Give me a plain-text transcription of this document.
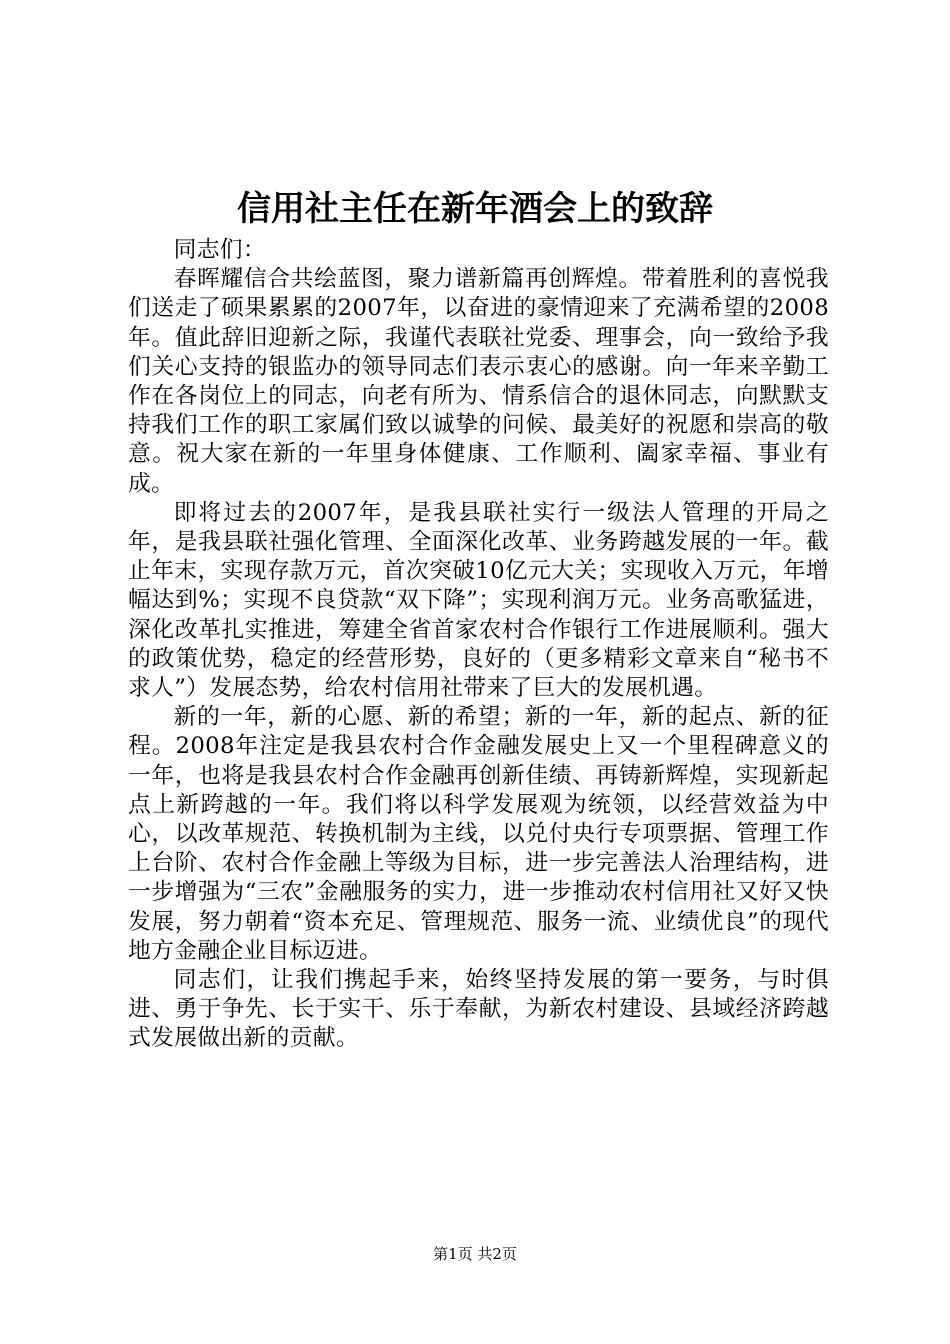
信用社主任在新年酒会上的致辞

同志们：

春晖耀信合共绘蓝图，聚力谱新篇再创辉煌。带着胜利的喜悦我们送走了硕果累累的2007年，以奋进的豪情迎来了充满希望的2008年。值此辞旧迎新之际，我谨代表联社党委、理事会，向一致给予我们关心支持的银监办的领导同志们表示衷心的感谢。向一年来辛勤工作在各岗位上的同志，向老有所为、情系信合的退休同志，向默默支持我们工作的职工家属们致以诚挚的问候、最美好的祝愿和崇高的敬意。祝大家在新的一年里身体健康、工作顺利、阖家幸福、事业有成。

即将过去的2007年，是我县联社实行一级法人管理的开局之年，是我县联社强化管理、全面深化改革、业务跨越发展的一年。截止年末，实现存款万元，首次突破10亿元大关；实现收入万元，年增幅达到%；实现不良贷款“双下降”；实现利润万元。业务高歌猛进，深化改革扎实推进，筹建全省首家农村合作银行工作进展顺利。强大的政策优势，稳定的经营形势，良好的（更多精彩文章来自“秘书不求人”）发展态势，给农村信用社带来了巨大的发展机遇。

新的一年，新的心愿、新的希望；新的一年，新的起点、新的征程。2008年注定是我县农村合作金融发展史上又一个里程碑意义的一年，也将是我县农村合作金融再创新佳绩、再铸新辉煌，实现新起点上新跨越的一年。我们将以科学发展观为统领，以经营效益为中心，以改革规范、转换机制为主线，以兑付央行专项票据、管理工作上台阶、农村合作金融上等级为目标，进一步完善法人治理结构，进一步增强为“三农”金融服务的实力，进一步推动农村信用社又好又快发展，努力朝着“资本充足、管理规范、服务一流、业绩优良”的现代地方金融企业目标迈进。

同志们，让我们携起手来，始终坚持发展的第一要务，与时俱进、勇于争先、长于实干、乐于奉献，为新农村建设、县域经济跨越式发展做出新的贡献。

第1页 共2页
